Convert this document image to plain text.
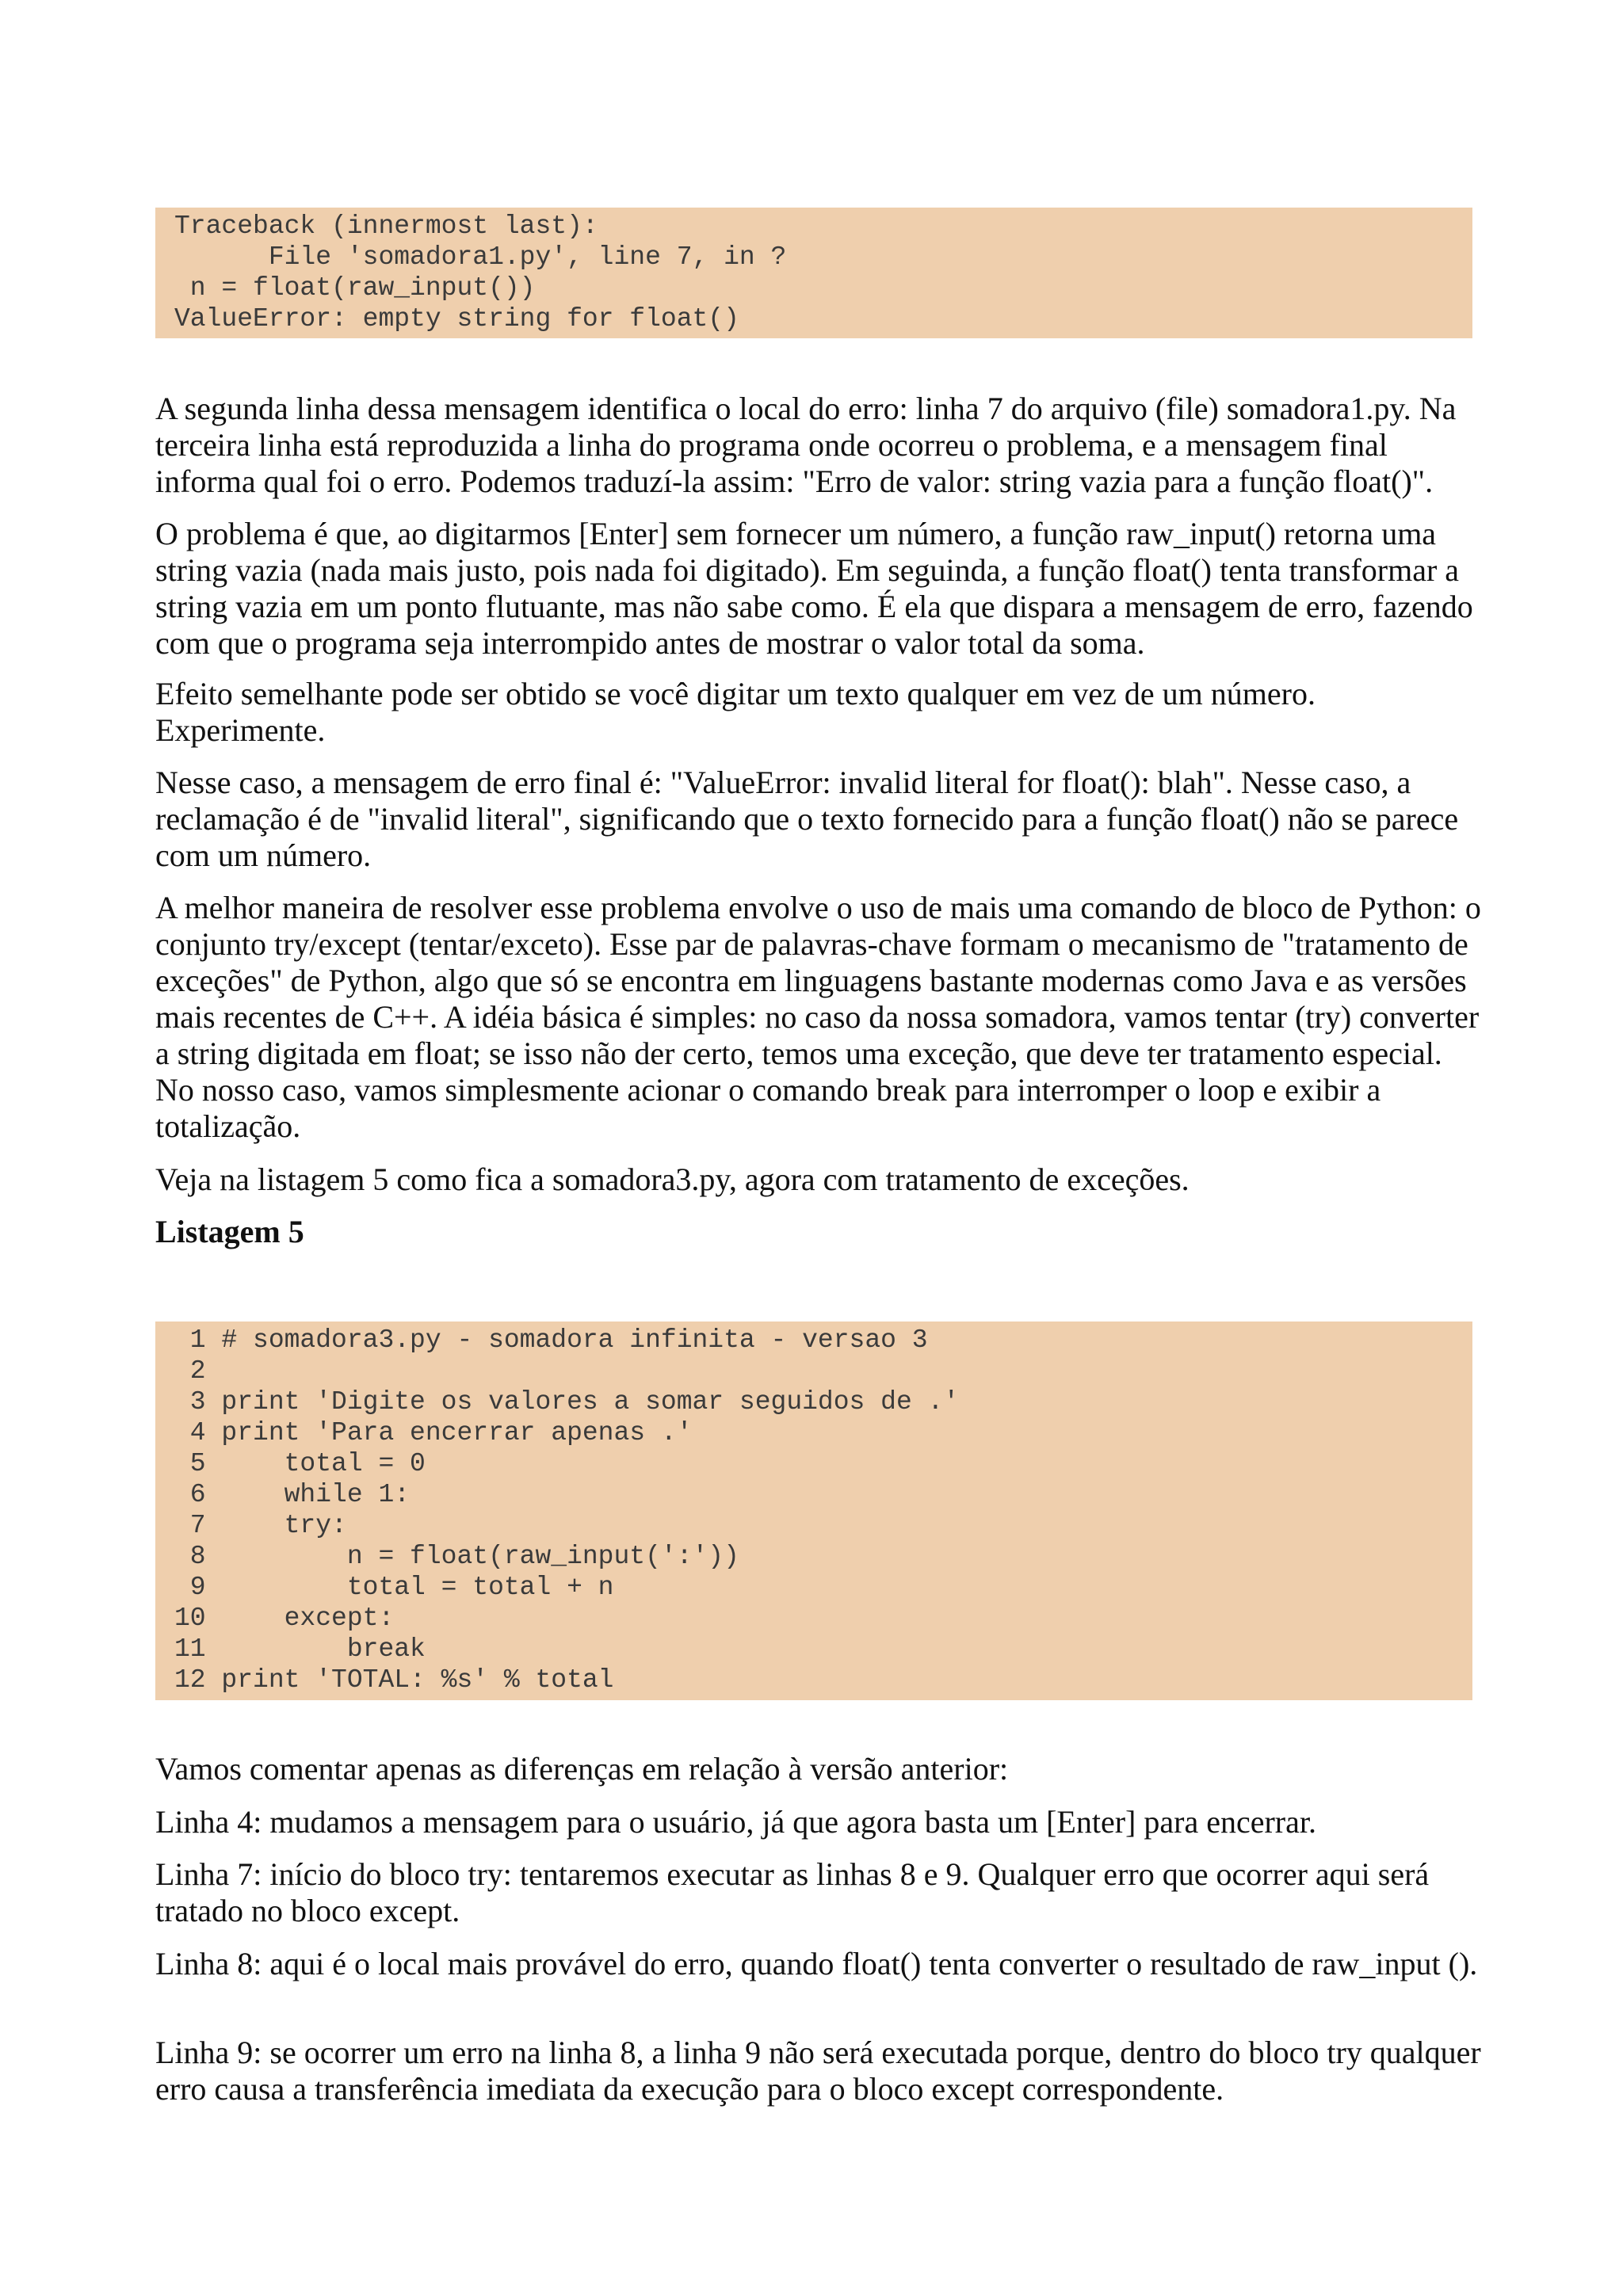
Traceback (innermost last):
File 'somadora1.py', line 7, in ?
n = float(raw_input())
ValueError: empty string for float()

A segunda linha dessa mensagem identifica o local do erro: linha 7 do arquivo (file) somadora1.py. Na terceira linha está reproduzida a linha do programa onde ocorreu o problema, e a mensagem final informa qual foi o erro. Podemos traduzí-la assim: "Erro de valor: string vazia para a função float()".

O problema é que, ao digitarmos [Enter] sem fornecer um número, a função raw_input() retorna uma string vazia (nada mais justo, pois nada foi digitado). Em seguinda, a função float() tenta transformar a string vazia em um ponto flutuante, mas não sabe como. É ela que dispara a mensagem de erro, fazendo com que o programa seja interrompido antes de mostrar o valor total da soma.

Efeito semelhante pode ser obtido se você digitar um texto qualquer em vez de um número. Experimente.

Nesse caso, a mensagem de erro final é: "ValueError: invalid literal for float(): blah". Nesse caso, a reclamação é de "invalid literal", significando que o texto fornecido para a função float() não se parece com um número.

A melhor maneira de resolver esse problema envolve o uso de mais uma comando de bloco de Python: o conjunto try/except (tentar/exceto). Esse par de palavras-chave formam o mecanismo de "tratamento de exceções" de Python, algo que só se encontra em linguagens bastante modernas como Java e as versões mais recentes de C++. A idéia básica é simples: no caso da nossa somadora, vamos tentar (try) converter a string digitada em float; se isso não der certo, temos uma exceção, que deve ter tratamento especial. No nosso caso, vamos simplesmente acionar o comando break para interromper o loop e exibir a totalização.

Veja na listagem 5 como fica a somadora3.py, agora com tratamento de exceções.

Listagem 5

1 # somadora3.py - somadora infinita - versao 3
2
3 print 'Digite os valores a somar seguidos de .'
4 print 'Para encerrar apenas .'
5     total = 0
6     while 1:
7     try:
8         n = float(raw_input(':'))
9         total = total + n
10     except:
11         break
12 print 'TOTAL: %s' % total

Vamos comentar apenas as diferenças em relação à versão anterior:

Linha 4: mudamos a mensagem para o usuário, já que agora basta um [Enter] para encerrar.

Linha 7: início do bloco try: tentaremos executar as linhas 8 e 9. Qualquer erro que ocorrer aqui será tratado no bloco except.

Linha 8: aqui é o local mais provável do erro, quando float() tenta converter o resultado de raw_input ().

Linha 9: se ocorrer um erro na linha 8, a linha 9 não será executada porque, dentro do bloco try qualquer erro causa a transferência imediata da execução para o bloco except correspondente.
